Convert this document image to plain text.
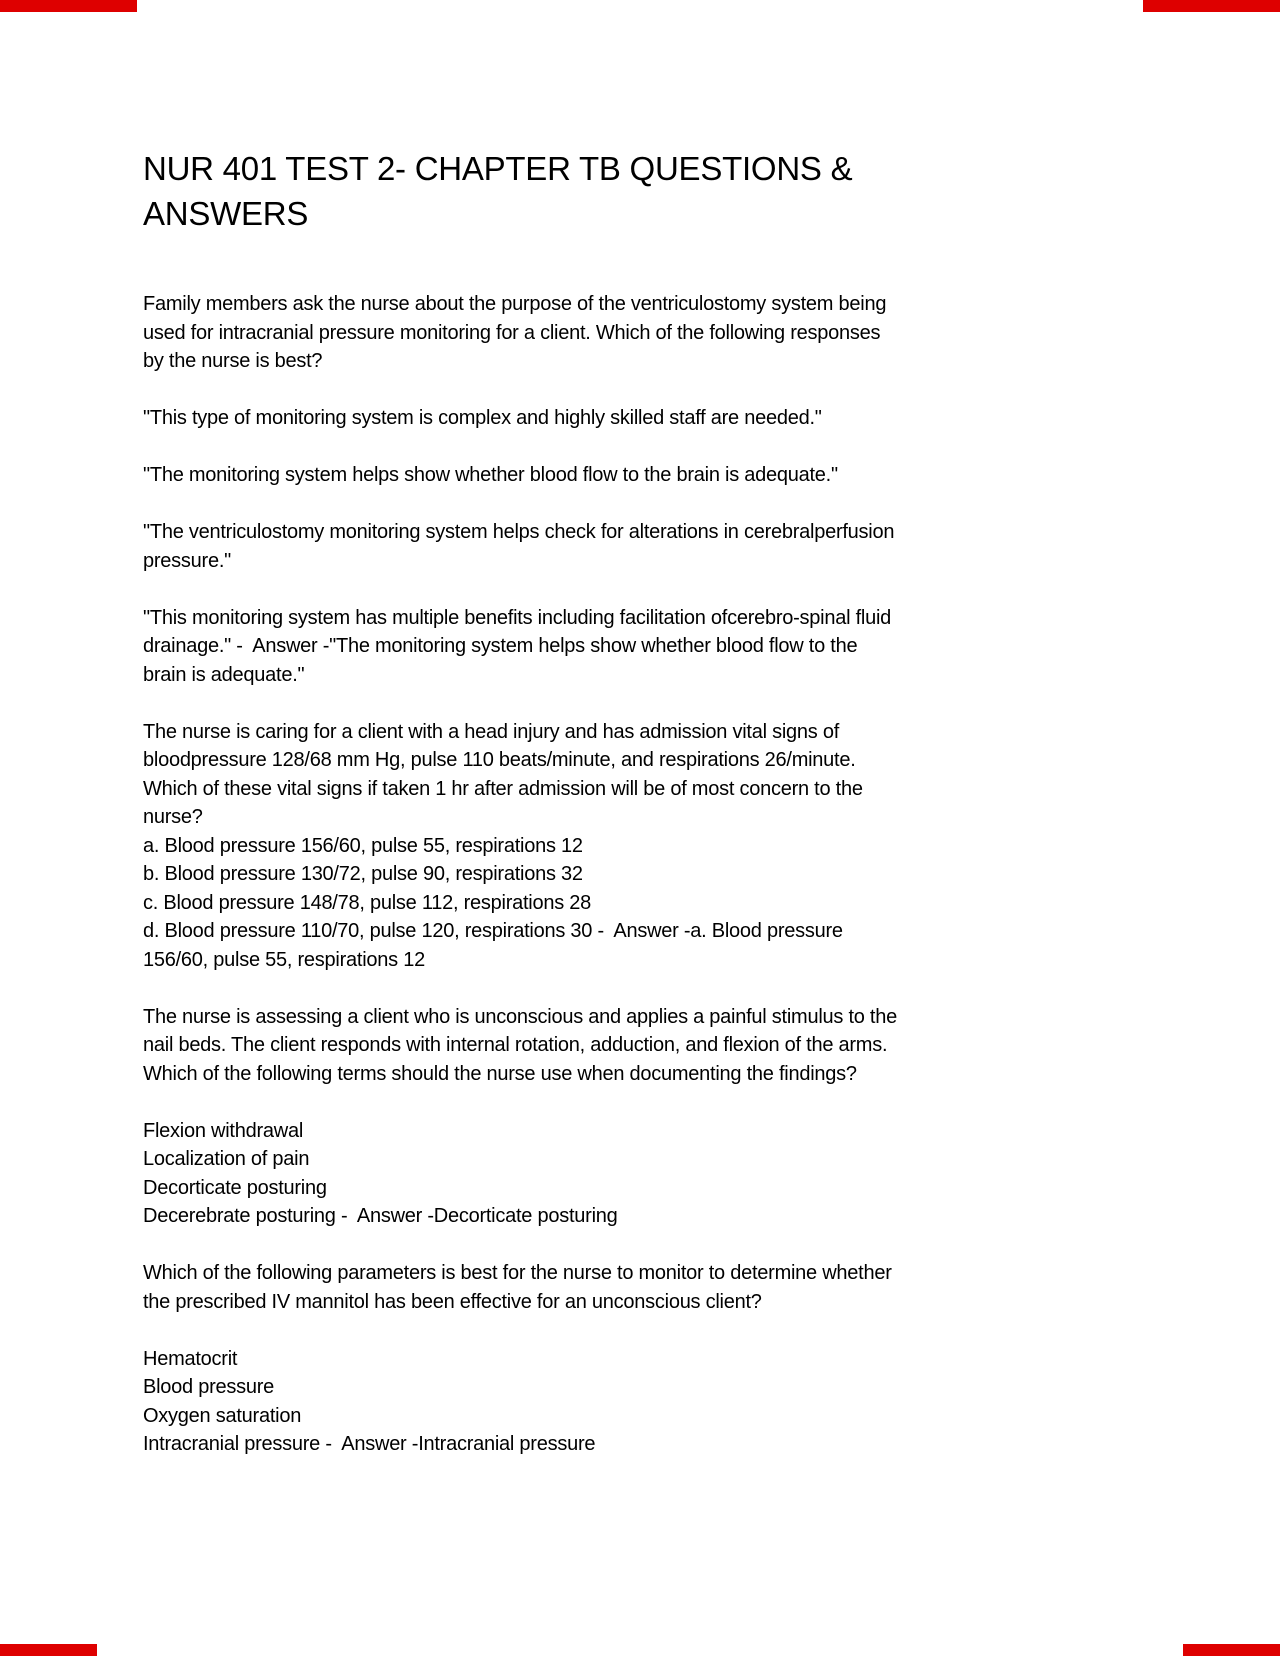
NUR 401 TEST 2- CHAPTER TB QUESTIONS &
ANSWERS
Family members ask the nurse about the purpose of the ventriculostomy system being
used for intracranial pressure monitoring for a client. Which of the following responses
by the nurse is best?
"This type of monitoring system is complex and highly skilled staff are needed."
"The monitoring system helps show whether blood flow to the brain is adequate."
"The ventriculostomy monitoring system helps check for alterations in cerebralperfusion
pressure."
"This monitoring system has multiple benefits including facilitation ofcerebro-spinal fluid
drainage." -  Answer -"The monitoring system helps show whether blood flow to the
brain is adequate."
The nurse is caring for a client with a head injury and has admission vital signs of
bloodpressure 128/68 mm Hg, pulse 110 beats/minute, and respirations 26/minute.
Which of these vital signs if taken 1 hr after admission will be of most concern to the
nurse?
a. Blood pressure 156/60, pulse 55, respirations 12
b. Blood pressure 130/72, pulse 90, respirations 32
c. Blood pressure 148/78, pulse 112, respirations 28
d. Blood pressure 110/70, pulse 120, respirations 30 -  Answer -a. Blood pressure
156/60, pulse 55, respirations 12
The nurse is assessing a client who is unconscious and applies a painful stimulus to the
nail beds. The client responds with internal rotation, adduction, and flexion of the arms.
Which of the following terms should the nurse use when documenting the findings?
Flexion withdrawal
Localization of pain
Decorticate posturing
Decerebrate posturing -  Answer -Decorticate posturing
Which of the following parameters is best for the nurse to monitor to determine whether
the prescribed IV mannitol has been effective for an unconscious client?
Hematocrit
Blood pressure
Oxygen saturation
Intracranial pressure -  Answer -Intracranial pressure
